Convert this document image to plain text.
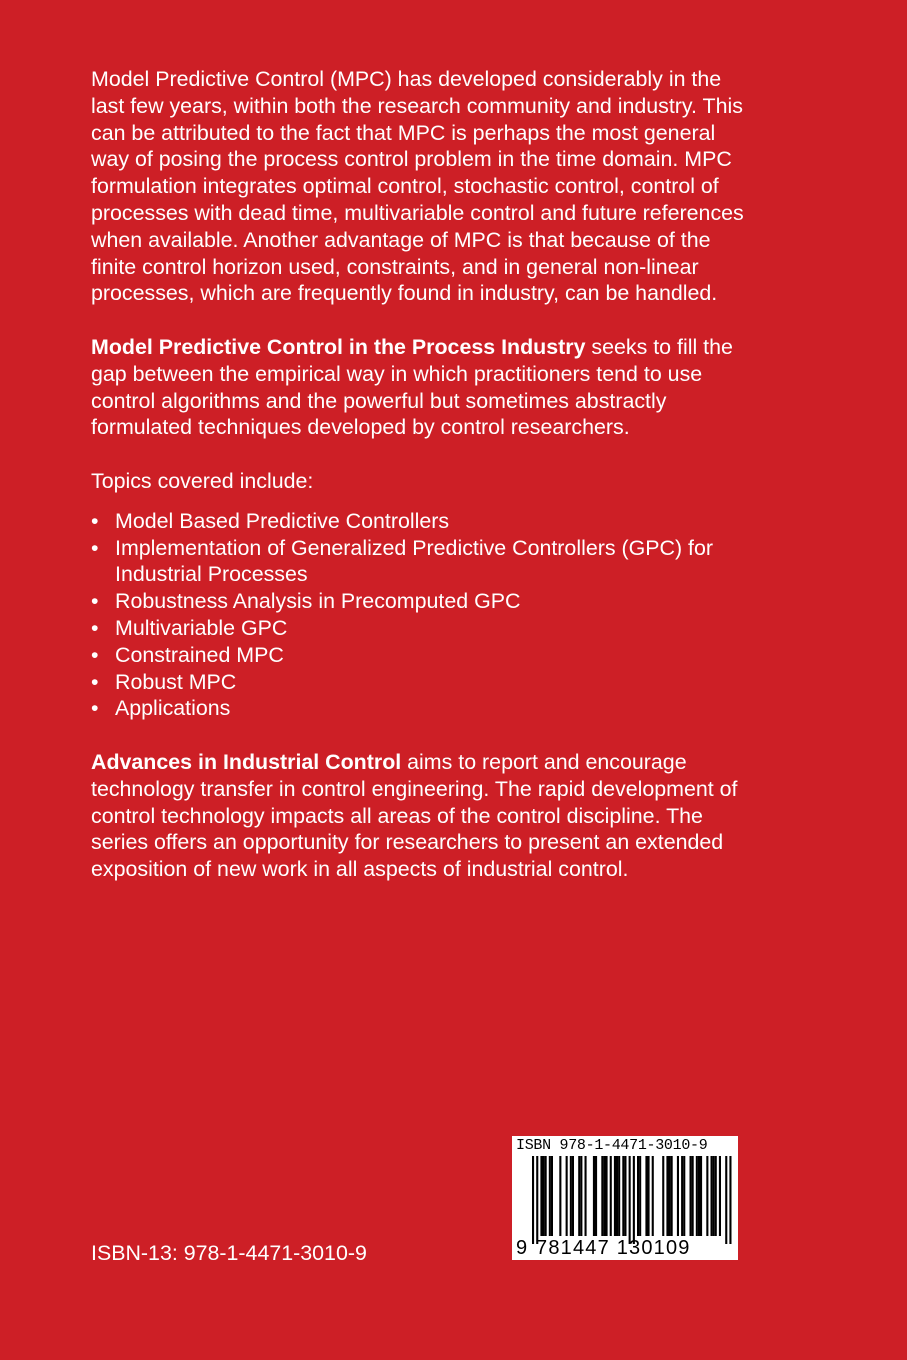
Model Predictive Control (MPC) has developed considerably in the last few years, within both the research community and industry. This can be attributed to the fact that MPC is perhaps the most general way of posing the process control problem in the time domain. MPC formulation integrates optimal control, stochastic control, control of processes with dead time, multivariable control and future references when available. Another advantage of MPC is that because of the finite control horizon used, constraints, and in general non-linear processes, which are frequently found in industry, can be handled.

Model Predictive Control in the Process Industry seeks to fill the gap between the empirical way in which practitioners tend to use control algorithms and the powerful but sometimes abstractly formulated techniques developed by control researchers.

Topics covered include:

• Model Based Predictive Controllers
• Implementation of Generalized Predictive Controllers (GPC) for Industrial Processes
• Robustness Analysis in Precomputed GPC
• Multivariable GPC
• Constrained MPC
• Robust MPC
• Applications

Advances in Industrial Control aims to report and encourage technology transfer in control engineering. The rapid development of control technology impacts all areas of the control discipline. The series offers an opportunity for researchers to present an extended exposition of new work in all aspects of industrial control.

ISBN-13: 978-1-4471-3010-9
ISBN 978-1-4471-3010-9
9 781447 130109
